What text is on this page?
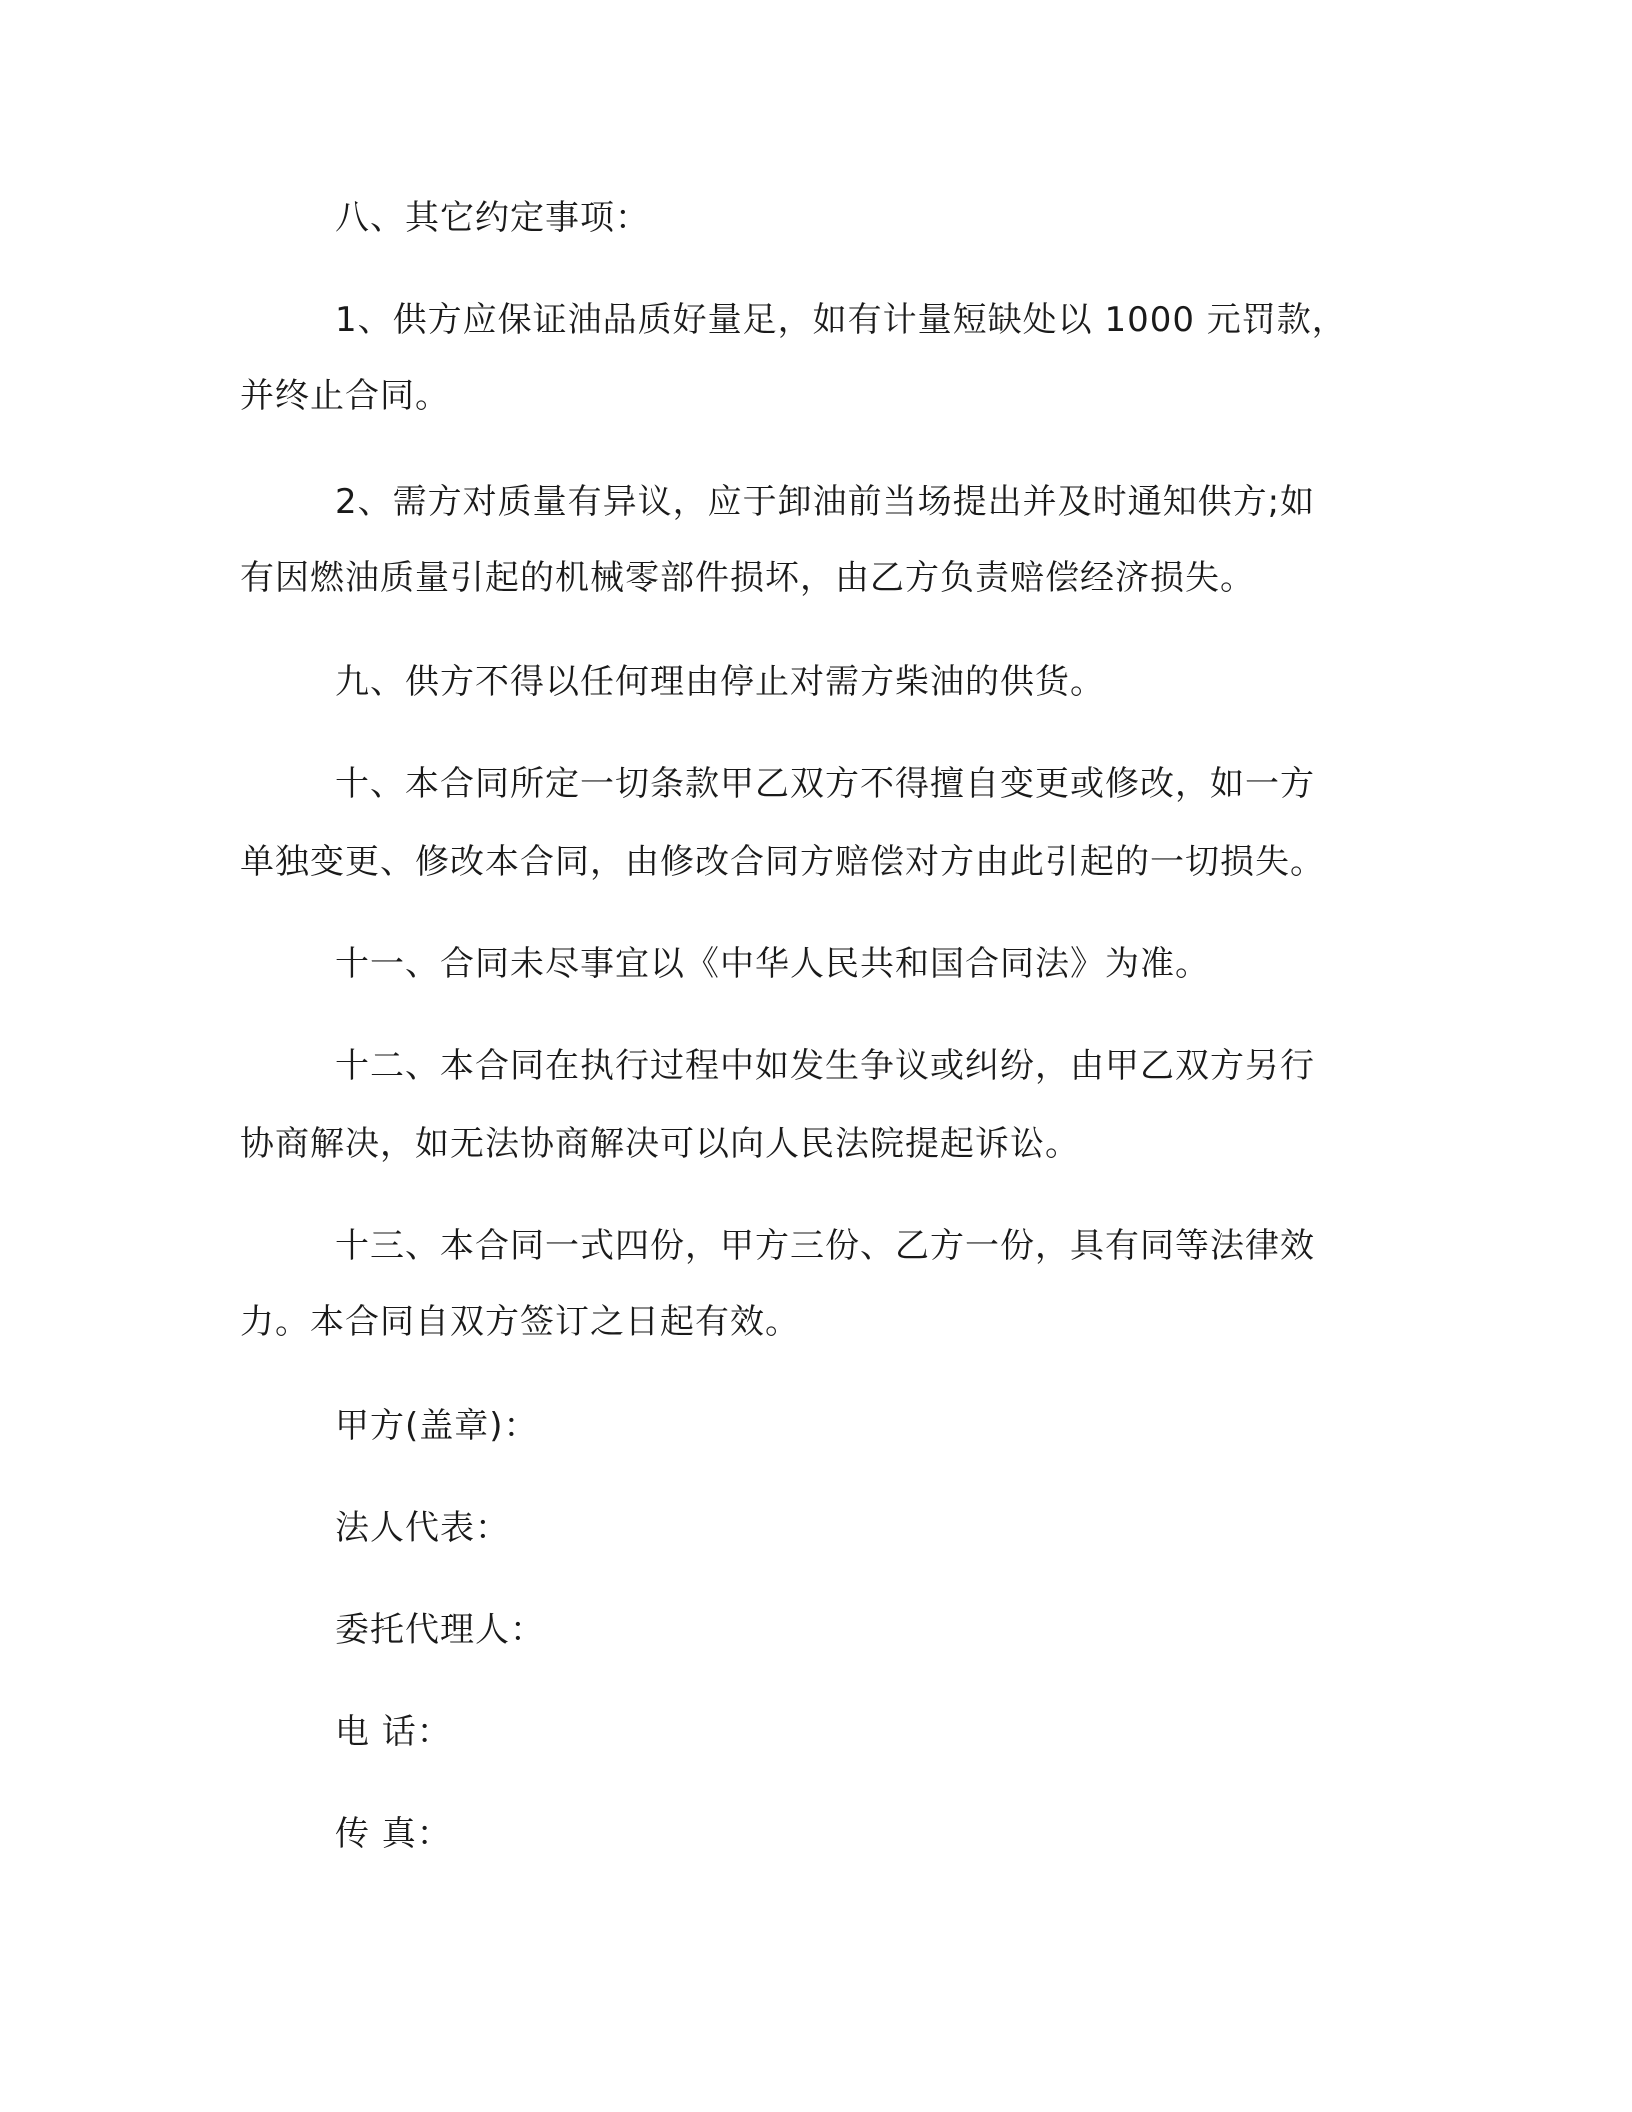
八、其它约定事项：
1、供方应保证油品质好量足，如有计量短缺处以 1000 元罚款，
并终止合同。
2、需方对质量有异议，应于卸油前当场提出并及时通知供方;如
有因燃油质量引起的机械零部件损坏，由乙方负责赔偿经济损失。
九、供方不得以任何理由停止对需方柴油的供货。
十、本合同所定一切条款甲乙双方不得擅自变更或修改，如一方
单独变更、修改本合同，由修改合同方赔偿对方由此引起的一切损失。
十一、合同未尽事宜以《中华人民共和国合同法》为准。
十二、本合同在执行过程中如发生争议或纠纷，由甲乙双方另行
协商解决，如无法协商解决可以向人民法院提起诉讼。
十三、本合同一式四份，甲方三份、乙方一份，具有同等法律效
力。本合同自双方签订之日起有效。
甲方(盖章)：
法人代表：
委托代理人：
电 话：
传 真：
